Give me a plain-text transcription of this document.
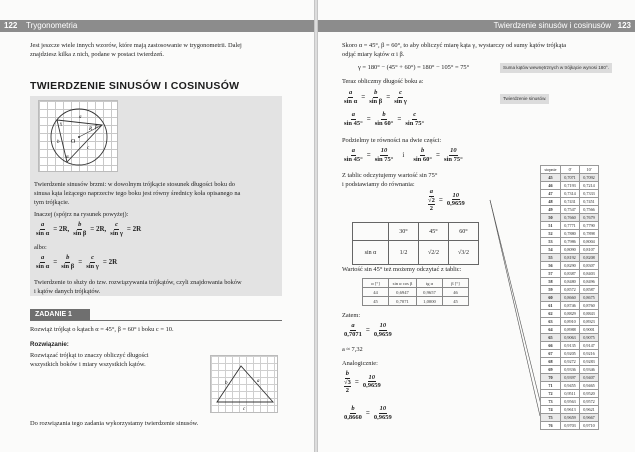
122 Trygonometria
Jest jeszcze wiele innych wzorów, które mają zastosowanie w trygonometrii. Dalej
znajdziesz kilka z nich, podane w postaci twierdzeń.
TWIERDZENIE SINUSÓW I COSINUSÓW
O
R
b
a
c
α
β
γ
Twierdzenie sinusów brzmi: w dowolnym trójkącie stosunek długości boku do
sinusa kąta leżącego naprzeciw tego boku jest równy średnicy koła opisanego na
tym trójkącie.
Inaczej (spójrz na rysunek powyżej):
$\frac{a}{\text{sin α}} = 2R$, $\frac{b}{\text{sin β}} = 2R$, $\frac{c}{\text{sin γ}} = 2R$
albo:
$\frac{a}{\text{sin α}} = \frac{b}{\text{sin β}} = \frac{c}{\text{sin γ}} = 2R$
Twierdzenie to służy do tzw. rozwiązywania trójkątów, czyli znajdowania boków
i kątów danych trójkątów.
ZADANIE 1
Rozwiąż trójkąt o kątach α = 45°, β = 60° i boku c = 10.
Rozwiązanie:
Rozwiązać trójkąt to znaczy obliczyć długości
wszystkich boków i miary wszystkich kątów.
b	a
c
Do rozwiązania tego zadania wykorzystamy twierdzenie sinusów.
Twierdzenie sinusów i cosinusów 123
Skoro α = 45°, β = 60°, to aby obliczyć miarę kąta γ, wystarczy od sumy kątów trójkąta
odjąć miary kątów α i β.
γ = 180° − (45° + 60°) = 180° − 105° = 75°	Suma kątów wewnętrznych w trójkącie wynosi 180°.
Teraz obliczmy długość boku a:
Twierdzenie sinusów.
$\frac{a}{\text{sin α}} = \frac{b}{\text{sin β}} = \frac{c}{\text{sin γ}}$
$\frac{a}{\sin 45^\circ} = \frac{b}{\sin 60^\circ} = \frac{c}{\sin 75^\circ}$
Podzielmy te równości na dwie części:
$\frac{a}{\sin 45^\circ} = \frac{10}{\sin 75^\circ}$	i	$\frac{b}{\sin 60^\circ} = \frac{10}{\sin 75^\circ}$
Z tablic odczytujemy wartość sin 75°
i podstawiamy do równania:
a
√2
$2 = \frac{10}{0,9659}$
	30°	45°	60°
sin α	1/2	√2/2	√3/2
Wartość sin 45° też możemy odczytać z tablic:
α [°]	sin α cos β	tg α	β [°]
44	0,6947	0,9657	46
45	0,7071	1,0000	45
Zatem:
$\frac{a}{0,7071} = \frac{10}{0,9659}$
a ≈ 7,32
Analogicznie:
b
√3
$2 = \frac{10}{0,9659}$
$\frac{b}{0,8660} = \frac{10}{0,9659}$
stopnie	0'	10'
45	0,7071	0,7092
46	0,7193	0,7214
47	0,7314	0,7333
48	0,7431	0,7451
49	0,7547	0,7566
50	0,7660	0,7679
51	0,7771	0,7790
52	0,7880	0,7898
53	0,7986	0,8004
54	0,8090	0,8107
55	0,8192	0,8208
56	0,8290	0,8307
57	0,8387	0,8403
58	0,8480	0,8496
59	0,8572	0,8587
60	0,8660	0,8675
61	0,8746	0,8760
62	0,8829	0,8843
63	0,8910	0,8923
64	0,8988	0,9001
65	0,9063	0,9075
66	0,9135	0,9147
67	0,9205	0,9216
68	0,9272	0,9283
69	0,9336	0,9346
70	0,9397	0,9407
71	0,9455	0,9465
72	0,9511	0,9520
73	0,9563	0,9572
74	0,9613	0,9621
75	0,9659	0,9667
76	0,9703	0,9710
